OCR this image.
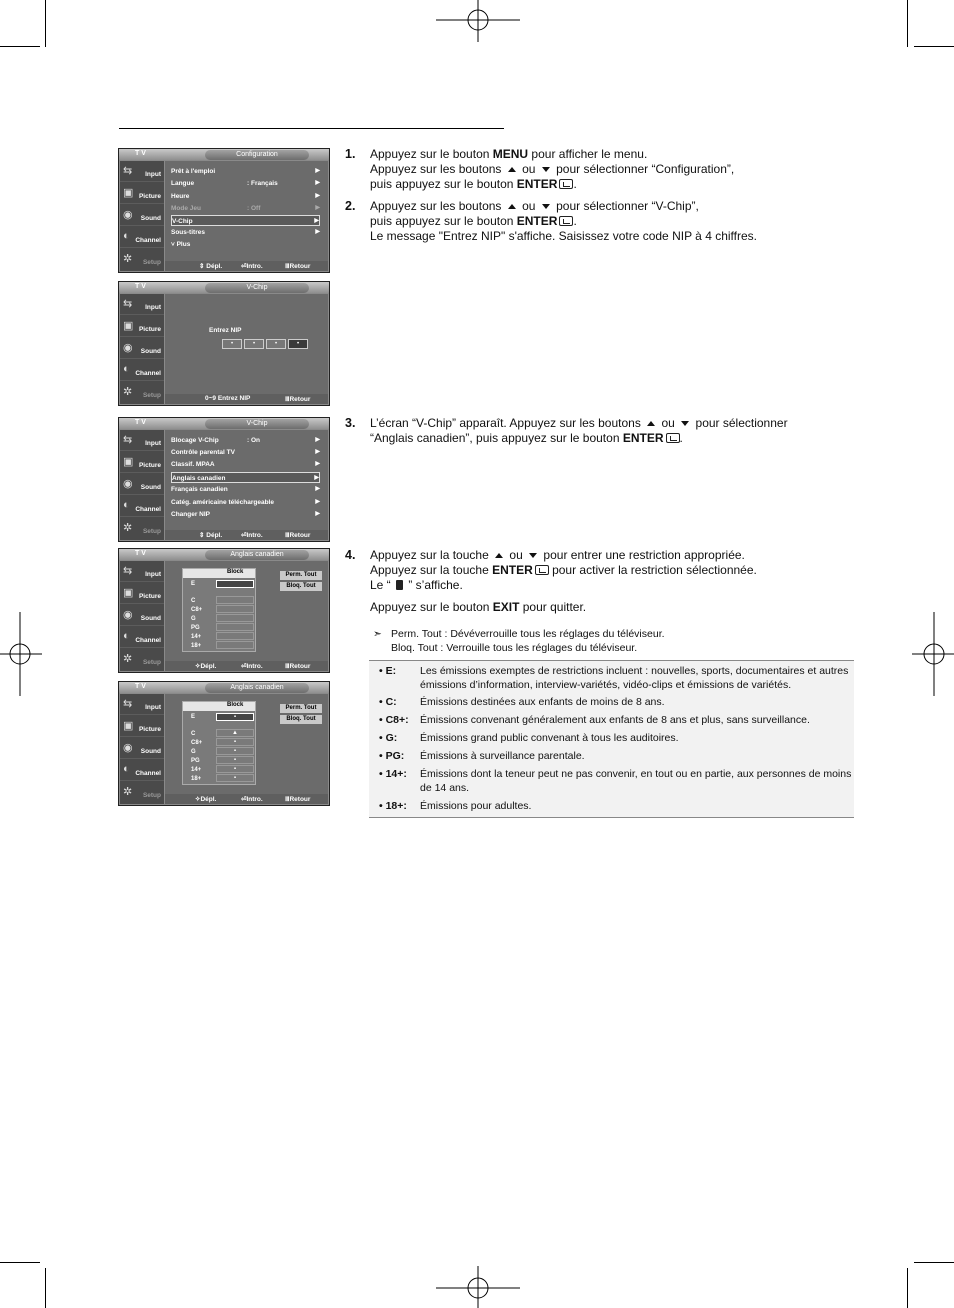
T V	Configuration
⇆ Input
▣ Picture
◉ Sound
◐ Channel
✲ Setup
Prêt à l'emploi	▶
Langue	: Français	▶
Heure	▶
Mode Jeu	: Off	▶
V-Chip	▶
Sous-titres	▶
˅ Plus
⇕ Dépl.	⏎Intro.	ⅢRetour
T V	V-Chip
⇆ Input
▣ Picture
◉ Sound
◐ Channel
✲ Setup
Entrez NIP
•	•	•	•
0~9 Entrez NIP	ⅢRetour
T V	V-Chip
⇆ Input
▣ Picture
◉ Sound
◐ Channel
✲ Setup
Blocage V-Chip	: On	▶
Contrôle parental TV	▶
Classif. MPAA	▶
Anglais canadien	▶
Français canadien	▶
Catég. américaine téléchargeable	▶
Changer NIP	▶
⇕ Dépl.	⏎Intro.	ⅢRetour
T V	Anglais canadien
⇆ Input
▣ Picture
◉ Sound
◐ Channel
✲ Setup
Block
E
C
C8+
G
PG
14+
18+
Perm. Tout
Bloq. Tout
✧Dépl.	⏎Intro.	ⅢRetour
T V	Anglais canadien
⇆ Input
▣ Picture
◉ Sound
◐ Channel
✲ Setup
Block
E	▪
C	▲
C8+	▪
G	▪
PG	▪
14+	▪
18+	▪
Perm. Tout
Bloq. Tout
✧Dépl.	⏎Intro.	ⅢRetour
1. Appuyez sur le bouton MENU pour afficher le menu.
Appuyez sur les boutons  ou  pour sélectionner “Configuration”,
puis appuyez sur le bouton ENTER .
2. Appuyez sur les boutons  ou  pour sélectionner “V-Chip”,
puis appuyez sur le bouton ENTER .
Le message "Entrez NIP" s'affiche. Saisissez votre code NIP à 4 chiffres.
3. L’écran “V-Chip” apparaît. Appuyez sur les boutons  ou  pour sélectionner
“Anglais canadien”, puis appuyez sur le bouton ENTER .
4. Appuyez sur la touche  ou  pour entrer une restriction appropriée.
Appuyez sur la touche ENTER pour activer la restriction sélectionnée.
Le “  ” s’affiche.
Appuyez sur le bouton EXIT pour quitter.
➣ Perm. Tout : Dévéverrouille tous les réglages du téléviseur.
Bloq. Tout : Verrouille tous les réglages du téléviseur.
• E: Les émissions exemptes de restrictions incluent : nouvelles, sports, documentaires et autres émissions d’information, interview-variétés, vidéo-clips et émissions de variétés.
• C: Émissions destinées aux enfants de moins de 8 ans.
• C8+: Émissions convenant généralement aux enfants de 8 ans et plus, sans surveillance.
• G: Émissions grand public convenant à tous les auditoires.
• PG: Émissions à surveillance parentale.
• 14+: Émissions dont la teneur peut ne pas convenir, en tout ou en partie, aux personnes de moins de 14 ans.
• 18+: Émissions pour adultes.
